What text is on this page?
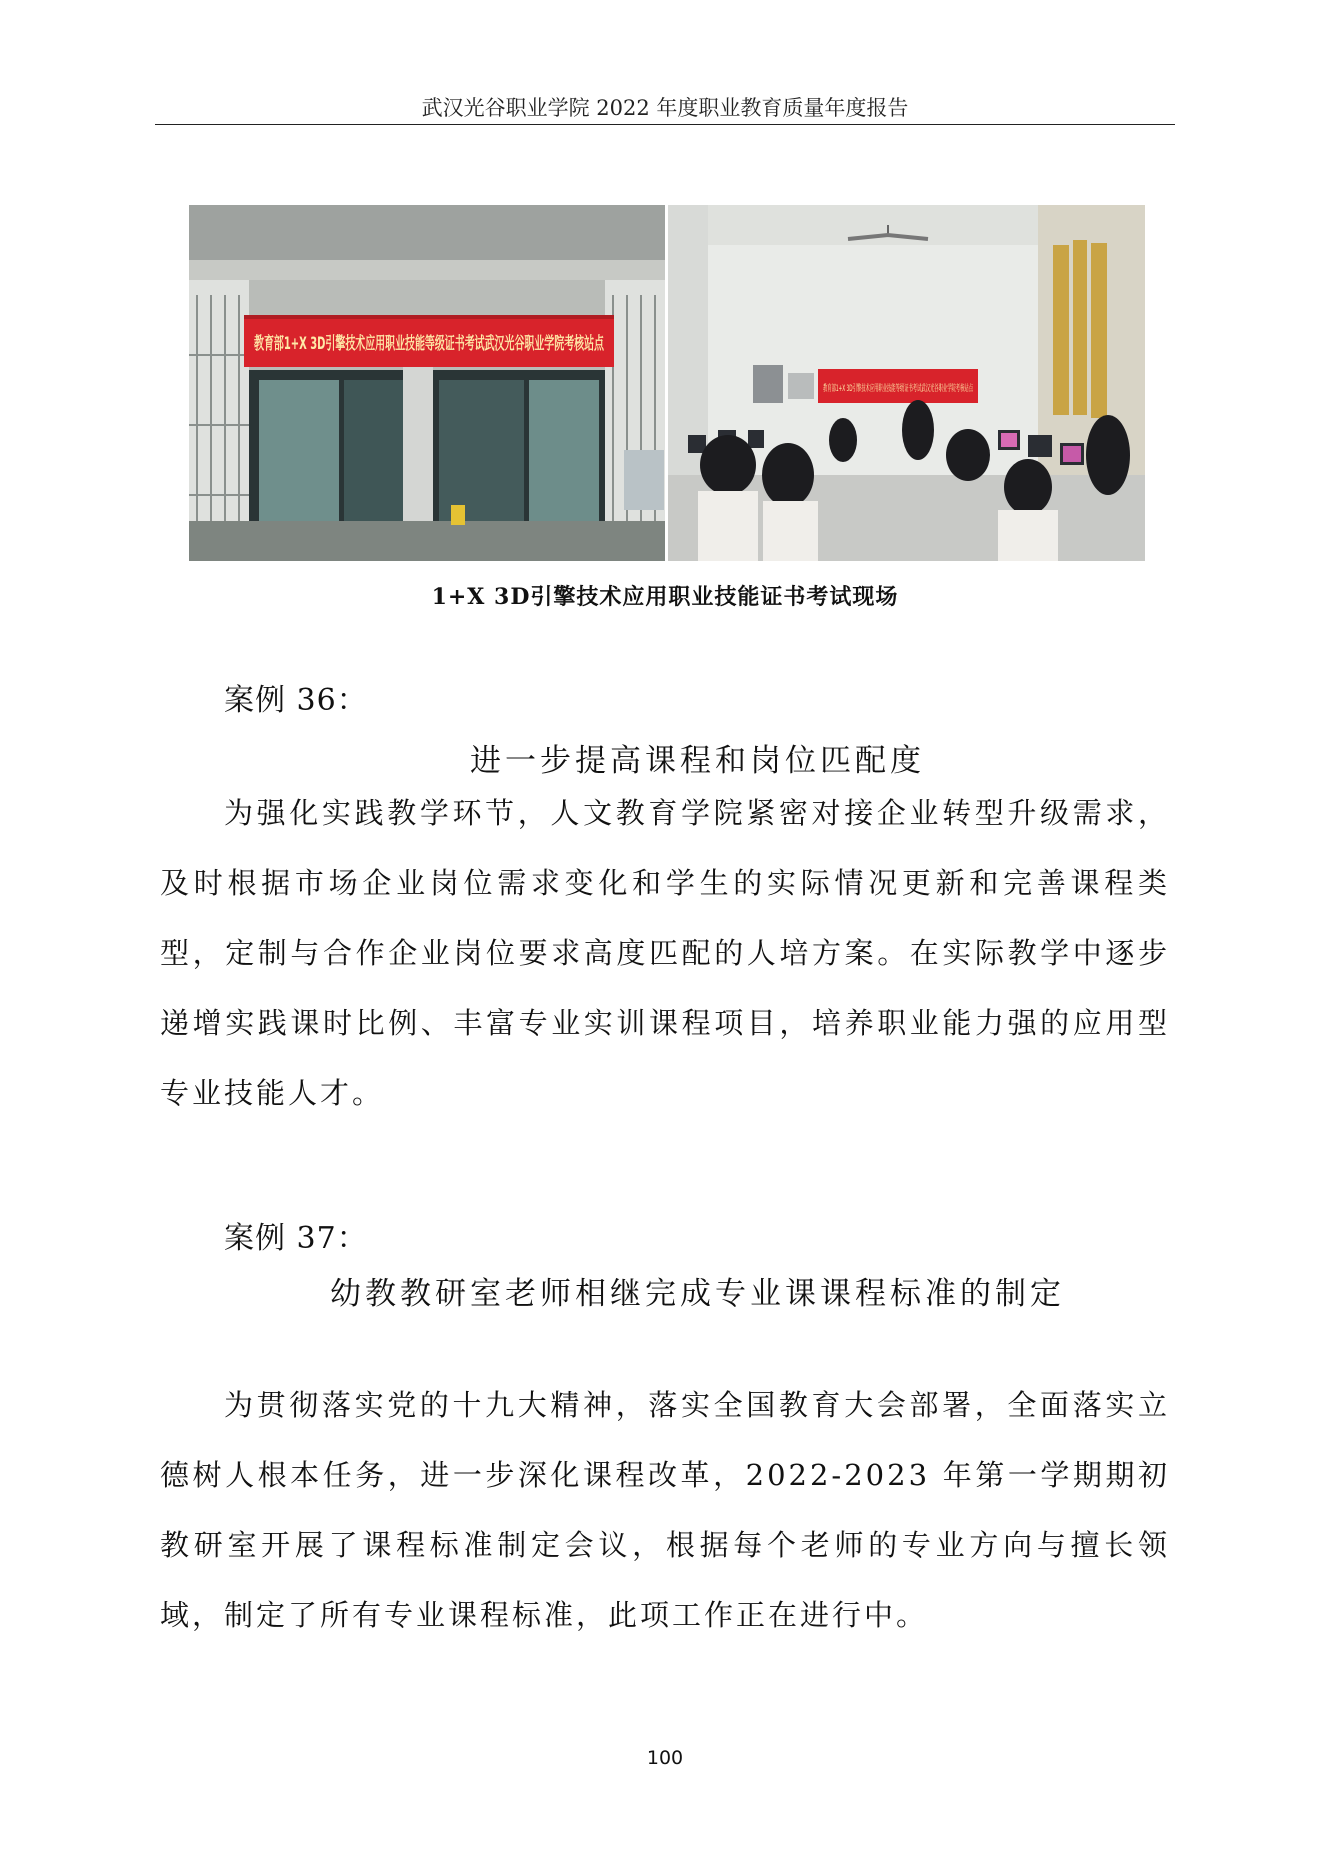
武汉光谷职业学院 2022 年度职业教育质量年度报告
教育部1+X 3D引擎技术应用职业技能等级证书考试武汉光谷职业学院考核站点
1+X 3D引擎技术应用职业技能证书考试现场
案例 36：
进一步提高课程和岗位匹配度

为强化实践教学环节，人文教育学院紧密对接企业转型升级需求，及时根据市场企业岗位需求变化和学生的实际情况更新和完善课程类型，定制与合作企业岗位要求高度匹配的人培方案。在实际教学中逐步递增实践课时比例、丰富专业实训课程项目，培养职业能力强的应用型专业技能人才。

案例 37：
幼教教研室老师相继完成专业课课程标准的制定

为贯彻落实党的十九大精神，落实全国教育大会部署，全面落实立德树人根本任务，进一步深化课程改革，2022-2023 年第一学期期初教研室开展了课程标准制定会议，根据每个老师的专业方向与擅长领域，制定了所有专业课程标准，此项工作正在进行中。

100
